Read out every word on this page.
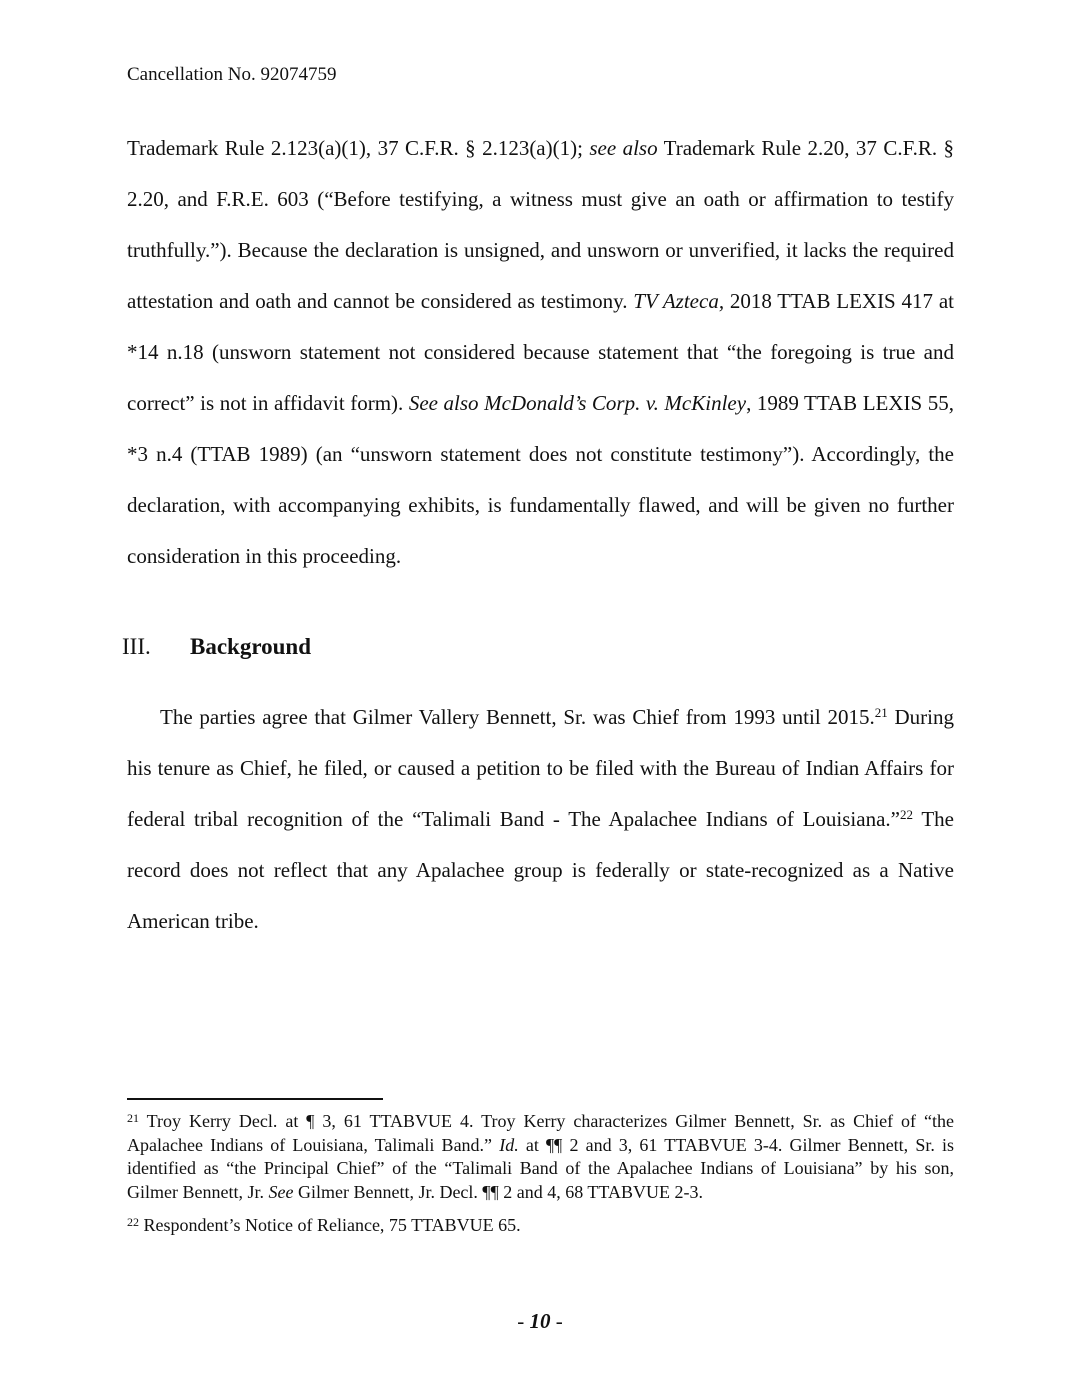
Cancellation No. 92074759

Trademark Rule 2.123(a)(1), 37 C.F.R. § 2.123(a)(1); see also Trademark Rule 2.20, 37 C.F.R. § 2.20, and F.R.E. 603 (“Before testifying, a witness must give an oath or affirmation to testify truthfully.”). Because the declaration is unsigned, and unsworn or unverified, it lacks the required attestation and oath and cannot be considered as testimony. TV Azteca, 2018 TTAB LEXIS 417 at *14 n.18 (unsworn statement not considered because statement that “the foregoing is true and correct” is not in affidavit form). See also McDonald’s Corp. v. McKinley, 1989 TTAB LEXIS 55, *3 n.4 (TTAB 1989) (an “unsworn statement does not constitute testimony”). Accordingly, the declaration, with accompanying exhibits, is fundamentally flawed, and will be given no further consideration in this proceeding.

III. Background

The parties agree that Gilmer Vallery Bennett, Sr. was Chief from 1993 until 2015.21 During his tenure as Chief, he filed, or caused a petition to be filed with the Bureau of Indian Affairs for federal tribal recognition of the “Talimali Band - The Apalachee Indians of Louisiana.”$^{22}$ The record does not reflect that any Apalachee group is federally or state-recognized as a Native American tribe.

$^{21}$ Troy Kerry Decl. at ¶ 3, 61 TTABVUE 4. Troy Kerry characterizes Gilmer Bennett, Sr. as Chief of “the Apalachee Indians of Louisiana, Talimali Band.” Id. at ¶¶ 2 and 3, 61 TTABVUE 3-4. Gilmer Bennett, Sr. is identified as “the Principal Chief” of the “Talimali Band of the Apalachee Indians of Louisiana” by his son, Gilmer Bennett, Jr. See Gilmer Bennett, Jr. Decl. ¶¶ 2 and 4, 68 TTABVUE 2-3.

$^{22}$ Respondent’s Notice of Reliance, 75 TTABVUE 65.

- 10 -
